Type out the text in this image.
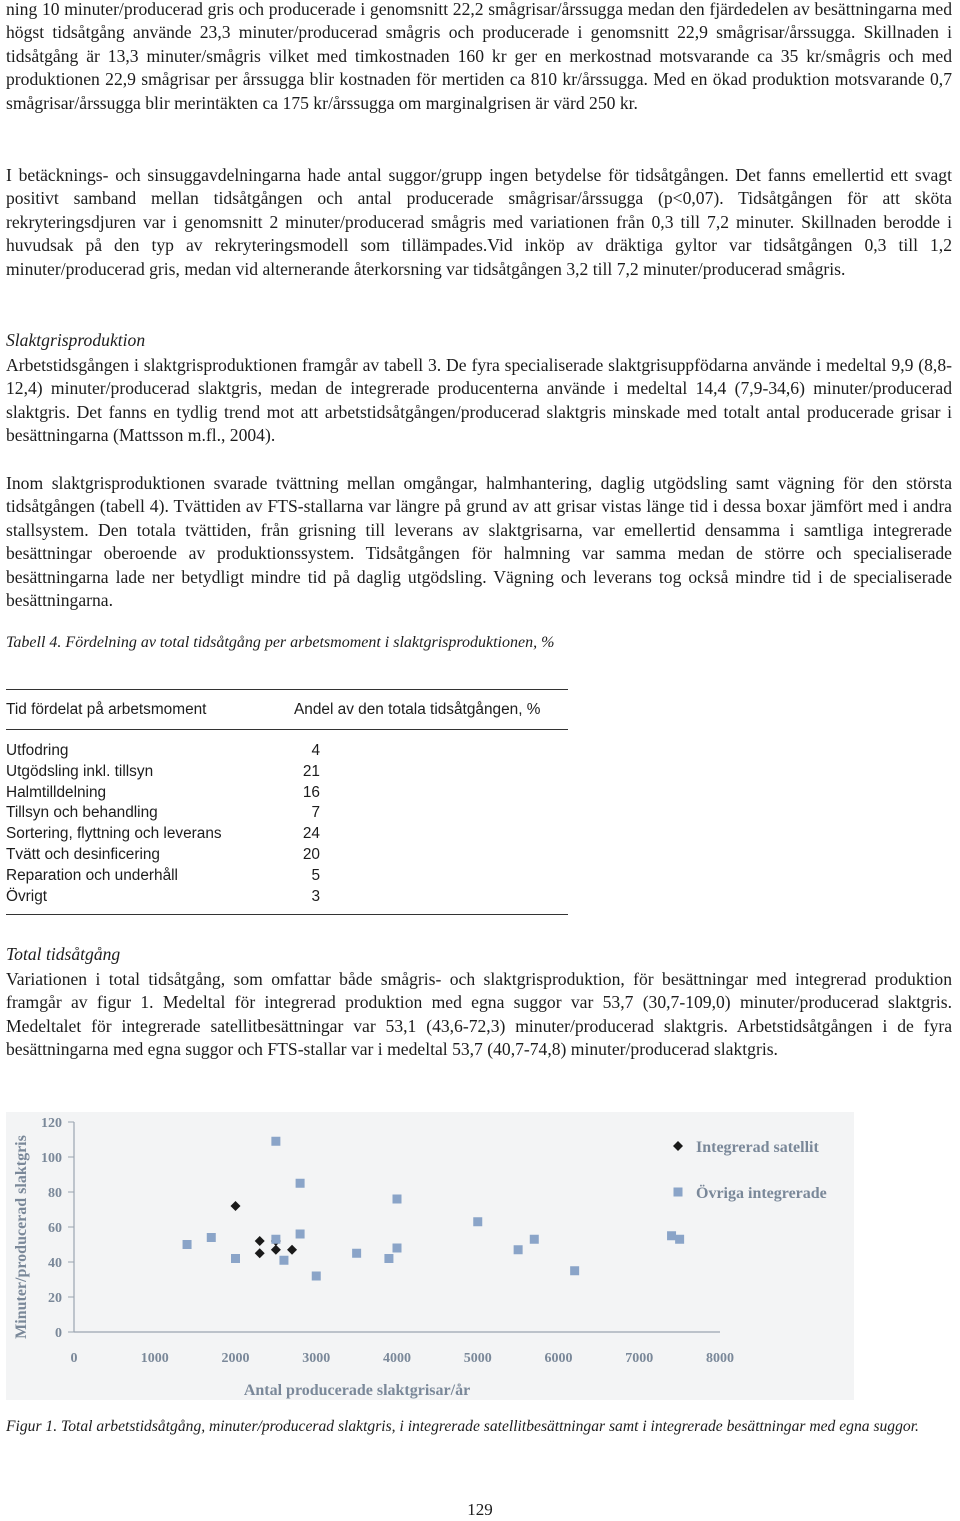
ning 10 minuter/producerad gris och producerade i genomsnitt 22,2 smågrisar/årssugga medan den fjärdedelen av besättningarna med högst tidsåtgång använde 23,3 minuter/producerad smågris och producerade i genomsnitt 22,9 smågrisar/årssugga. Skillnaden i tidsåtgång är 13,3 minuter/smågris vilket med timkostnaden 160 kr ger en merkostnad motsvarande ca 35 kr/smågris och med produktionen 22,9 smågrisar per årssugga blir kostnaden för mertiden ca 810 kr/årssugga. Med en ökad produktion motsvarande 0,7 smågrisar/årssugga blir merintäkten ca 175 kr/årssugga om marginalgrisen är värd 250 kr.

I betäcknings- och sinsuggavdelningarna hade antal suggor/grupp ingen betydelse för tidsåtgången. Det fanns emellertid ett svagt positivt samband mellan tidsåtgången och antal producerade smågrisar/årssugga (p<0,07). Tidsåtgången för att sköta rekryteringsdjuren var i genomsnitt 2 minuter/producerad smågris med variationen från 0,3 till 7,2 minuter. Skillnaden berodde i huvudsak på den typ av rekryteringsmodell som tillämpades.Vid inköp av dräktiga gyltor var tidsåtgången 0,3 till 1,2 minuter/producerad gris, medan vid alternerande återkorsning var tidsåtgången 3,2 till 7,2 minuter/producerad smågris.

Slaktgrisproduktion

Arbetstidsgången i slaktgrisproduktionen framgår av tabell 3. De fyra specialiserade slaktgrisuppfödarna använde i medeltal 9,9 (8,8-12,4) minuter/producerad slaktgris, medan de integrerade producenterna använde i medeltal 14,4 (7,9-34,6) minuter/producerad slaktgris. Det fanns en tydlig trend mot att arbetstidsåtgången/producerad slaktgris minskade med totalt antal producerade grisar i besättningarna (Mattsson m.fl., 2004).

Inom slaktgrisproduktionen svarade tvättning mellan omgångar, halmhantering, daglig utgödsling samt vägning för den största tidsåtgången (tabell 4). Tvättiden av FTS-stallarna var längre på grund av att grisar vistas länge tid i dessa boxar jämfört med i andra stallsystem. Den totala tvättiden, från grisning till leverans av slaktgrisarna, var emellertid densamma i samtliga integrerade besättningar oberoende av produktionssystem. Tidsåtgången för halmning var samma medan de större och specialiserade besättningarna lade ner betydligt mindre tid på daglig utgödsling. Vägning och leverans tog också mindre tid i de specialiserade besättningarna.

Tabell 4. Fördelning av total tidsåtgång per arbetsmoment i slaktgrisproduktionen, %

Tid fördelat på arbetsmoment	Andel av den totala tidsåtgången, %
Utfodring	4
Utgödsling inkl. tillsyn	21
Halmtilldelning	16
Tillsyn och behandling	7
Sortering, flyttning och leverans	24
Tvätt och desinficering	20
Reparation och underhåll	5
Övrigt	3

Total tidsåtgång

Variationen i total tidsåtgång, som omfattar både smågris- och slaktgrisproduktion, för besättningar med integrerad produktion framgår av figur 1. Medeltal för integrerad produktion med egna suggor var 53,7 (30,7-109,0) minuter/producerad slaktgris. Medeltalet för integrerade satellitbesättningar var 53,1 (43,6-72,3) minuter/producerad slaktgris. Arbetstidsåtgången i de fyra besättningarna med egna suggor och FTS-stallar var i medeltal 53,7 (40,7-74,8) minuter/producerad slaktgris.

0
20
40
60
80
100
120
0	1000	2000	3000	4000	5000	6000	7000	8000
Antal producerade slaktgrisar/år
Minuter/producerad slaktgris	Integrerad satellit
Övriga integrerade

Figur 1. Total arbetstidsåtgång, minuter/producerad slaktgris, i integrerade satellitbesättningar samt i integrerade besättningar med egna suggor.

129
